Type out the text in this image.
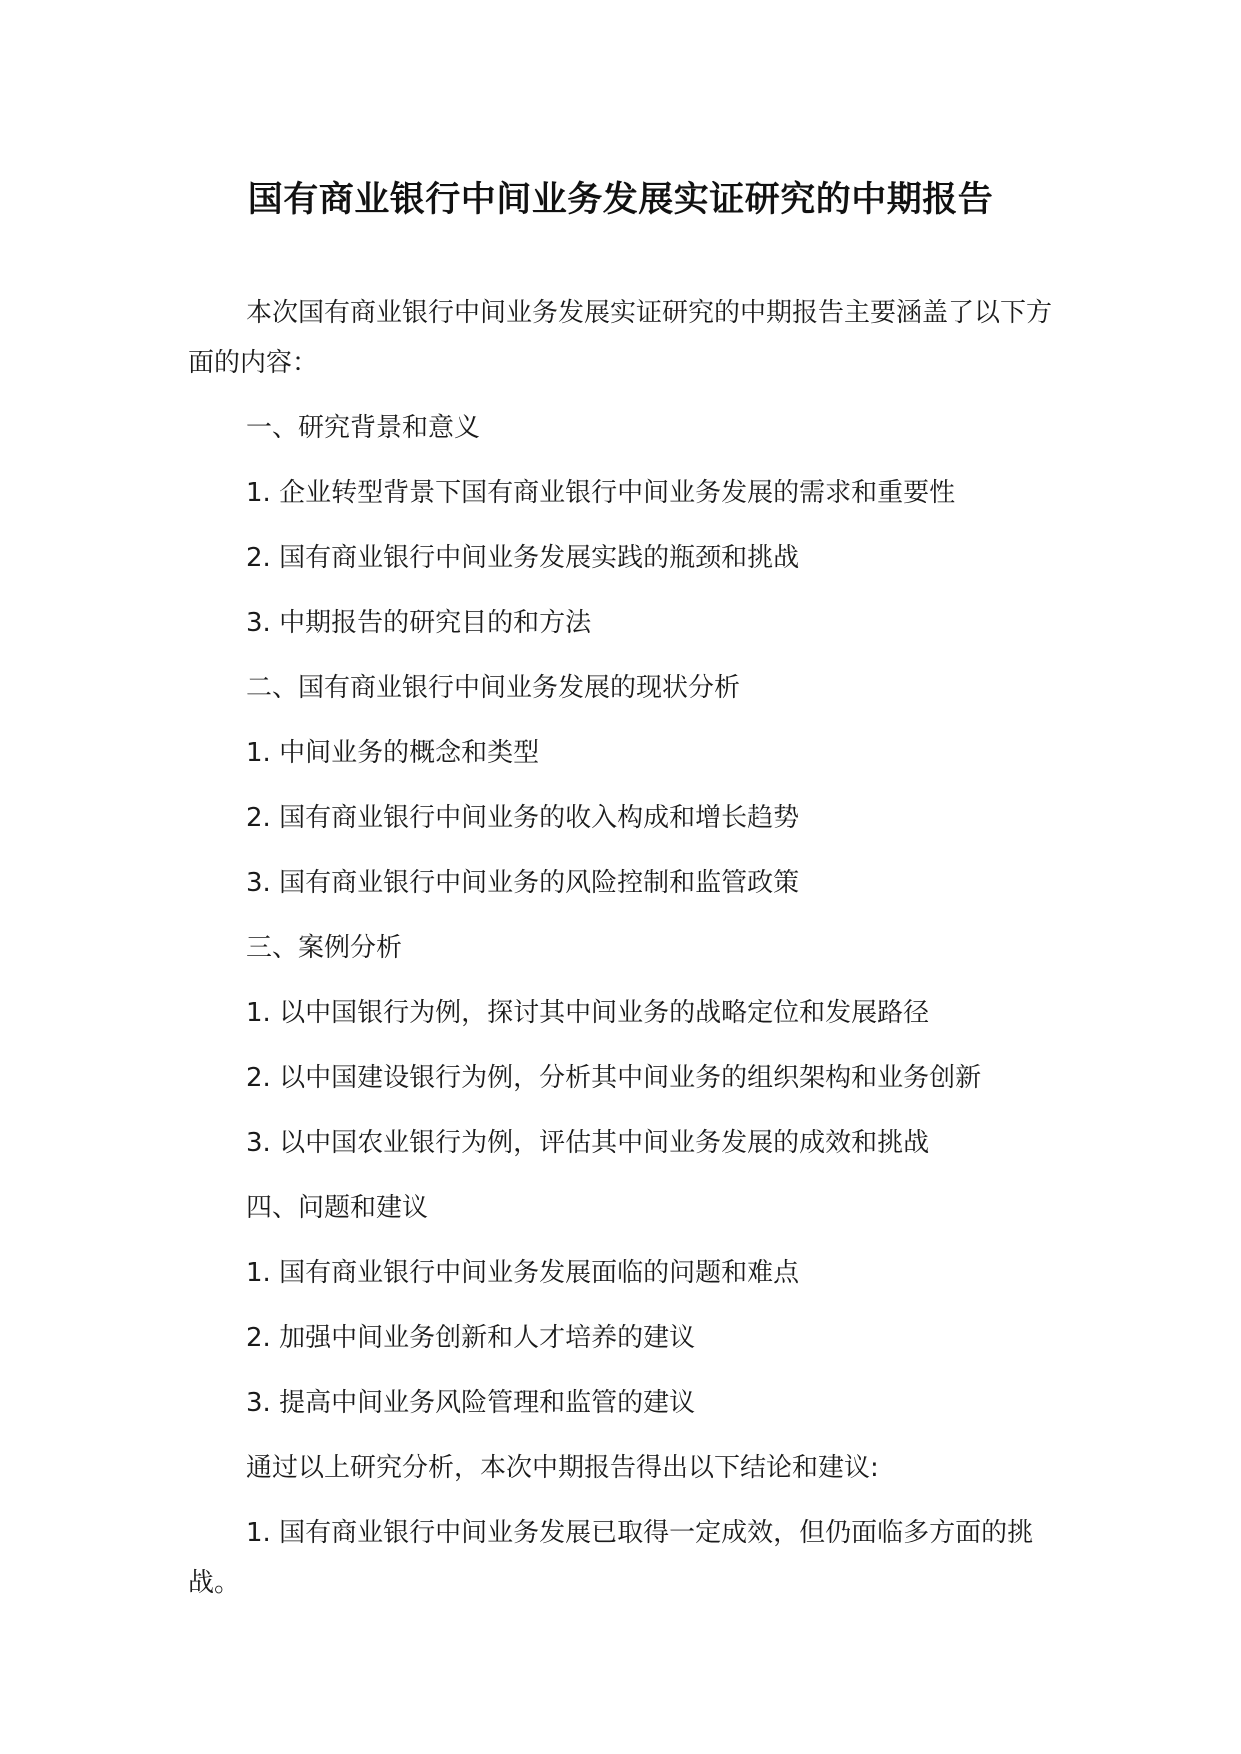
国有商业银行中间业务发展实证研究的中期报告

本次国有商业银行中间业务发展实证研究的中期报告主要涵盖了以下方面的内容：

一、研究背景和意义

1. 企业转型背景下国有商业银行中间业务发展的需求和重要性

2. 国有商业银行中间业务发展实践的瓶颈和挑战

3. 中期报告的研究目的和方法

二、国有商业银行中间业务发展的现状分析

1. 中间业务的概念和类型

2. 国有商业银行中间业务的收入构成和增长趋势

3. 国有商业银行中间业务的风险控制和监管政策

三、案例分析

1. 以中国银行为例，探讨其中间业务的战略定位和发展路径

2. 以中国建设银行为例，分析其中间业务的组织架构和业务创新

3. 以中国农业银行为例，评估其中间业务发展的成效和挑战

四、问题和建议

1. 国有商业银行中间业务发展面临的问题和难点

2. 加强中间业务创新和人才培养的建议

3. 提高中间业务风险管理和监管的建议

通过以上研究分析，本次中期报告得出以下结论和建议:

1. 国有商业银行中间业务发展已取得一定成效，但仍面临多方面的挑战。
